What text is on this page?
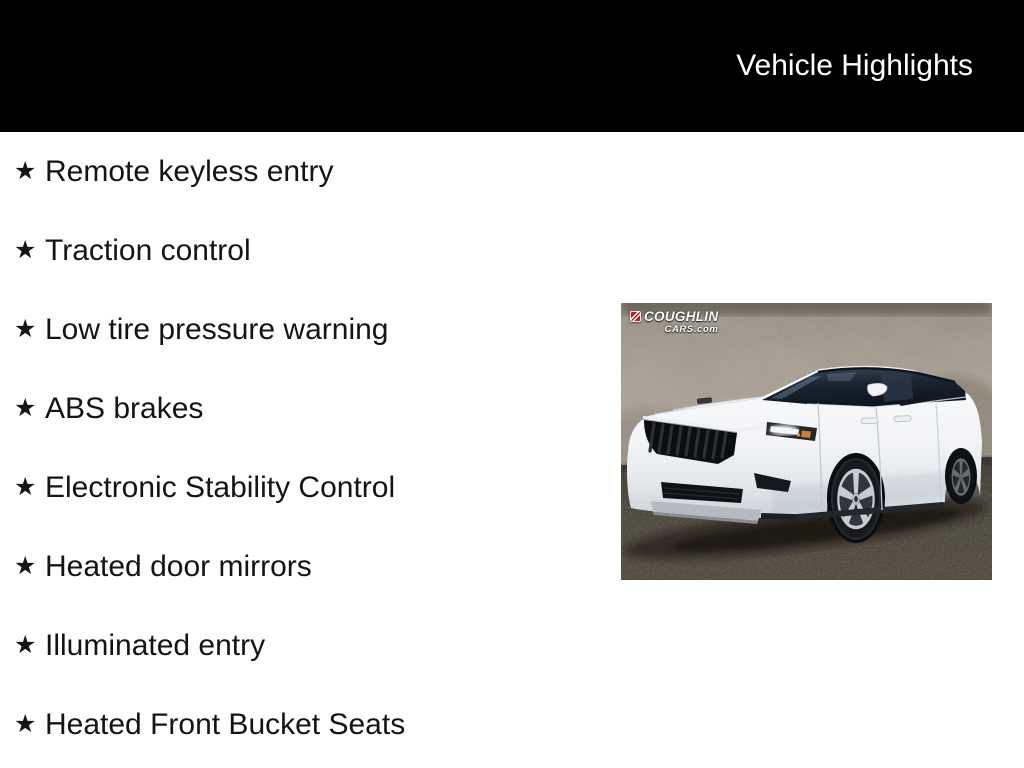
Vehicle Highlights
★ Remote keyless entry
★ Traction control
★ Low tire pressure warning
★ ABS brakes
★ Electronic Stability Control
★ Heated door mirrors
★ Illuminated entry
★ Heated Front Bucket Seats
COUGHLIN
CARS.com
